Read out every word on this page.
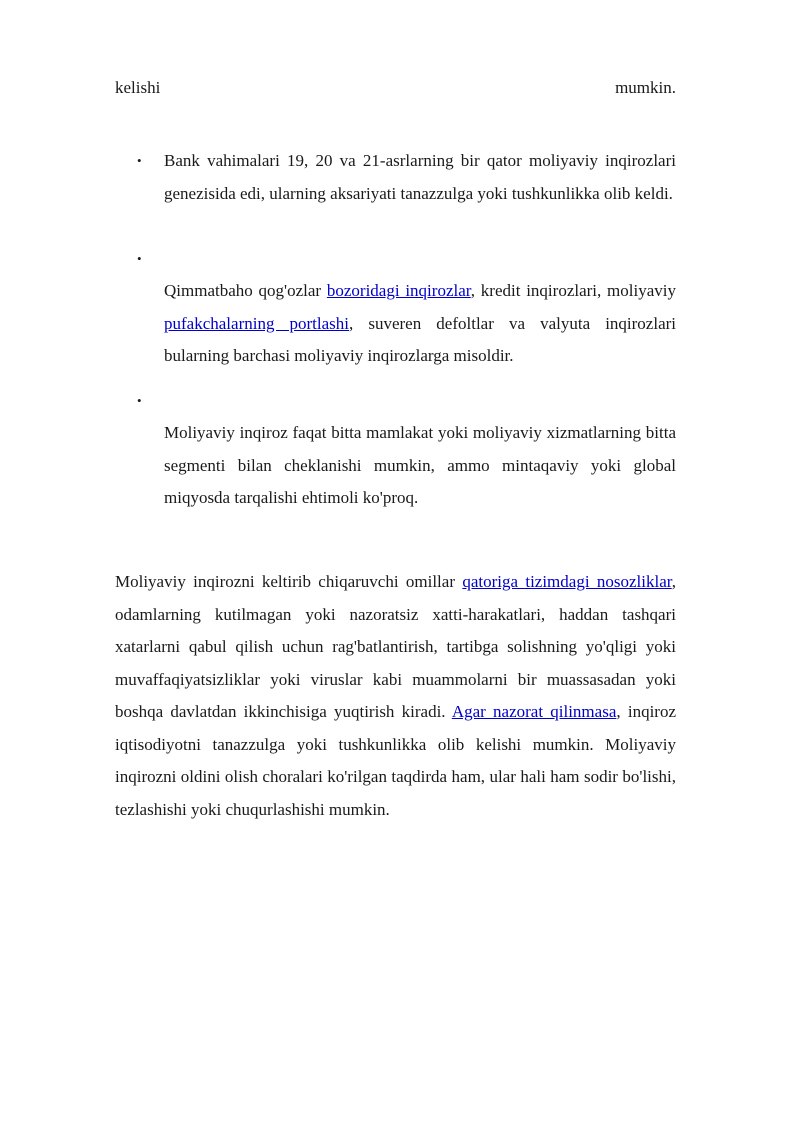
kelishi	mumkin.
• Bank vahimalari 19, 20 va 21-asrlarning bir qator moliyaviy inqirozlari genezisida edi, ularning aksariyati tanazzulga yoki tushkunlikka olib keldi.

•

Qimmatbaho qog'ozlar bozoridagi inqirozlar, kredit inqirozlari, moliyaviy pufakchalarning portlashi, suveren defoltlar va valyuta inqirozlari bularning barchasi moliyaviy inqirozlarga misoldir.

•

Moliyaviy inqiroz faqat bitta mamlakat yoki moliyaviy xizmatlarning bitta segmenti bilan cheklanishi mumkin, ammo mintaqaviy yoki global miqyosda tarqalishi ehtimoli ko'proq.

Moliyaviy inqirozni keltirib chiqaruvchi omillar qatoriga tizimdagi nosozliklar, odamlarning kutilmagan yoki nazoratsiz xatti-harakatlari, haddan tashqari xatarlarni qabul qilish uchun rag'batlantirish, tartibga solishning yo'qligi yoki muvaffaqiyatsizliklar yoki viruslar kabi muammolarni bir muassasadan yoki boshqa davlatdan ikkinchisiga yuqtirish kiradi. Agar nazorat qilinmasa, inqiroz iqtisodiyotni tanazzulga yoki tushkunlikka olib kelishi mumkin. Moliyaviy inqirozni oldini olish choralari ko'rilgan taqdirda ham, ular hali ham sodir bo'lishi, tezlashishi yoki chuqurlashishi mumkin.
